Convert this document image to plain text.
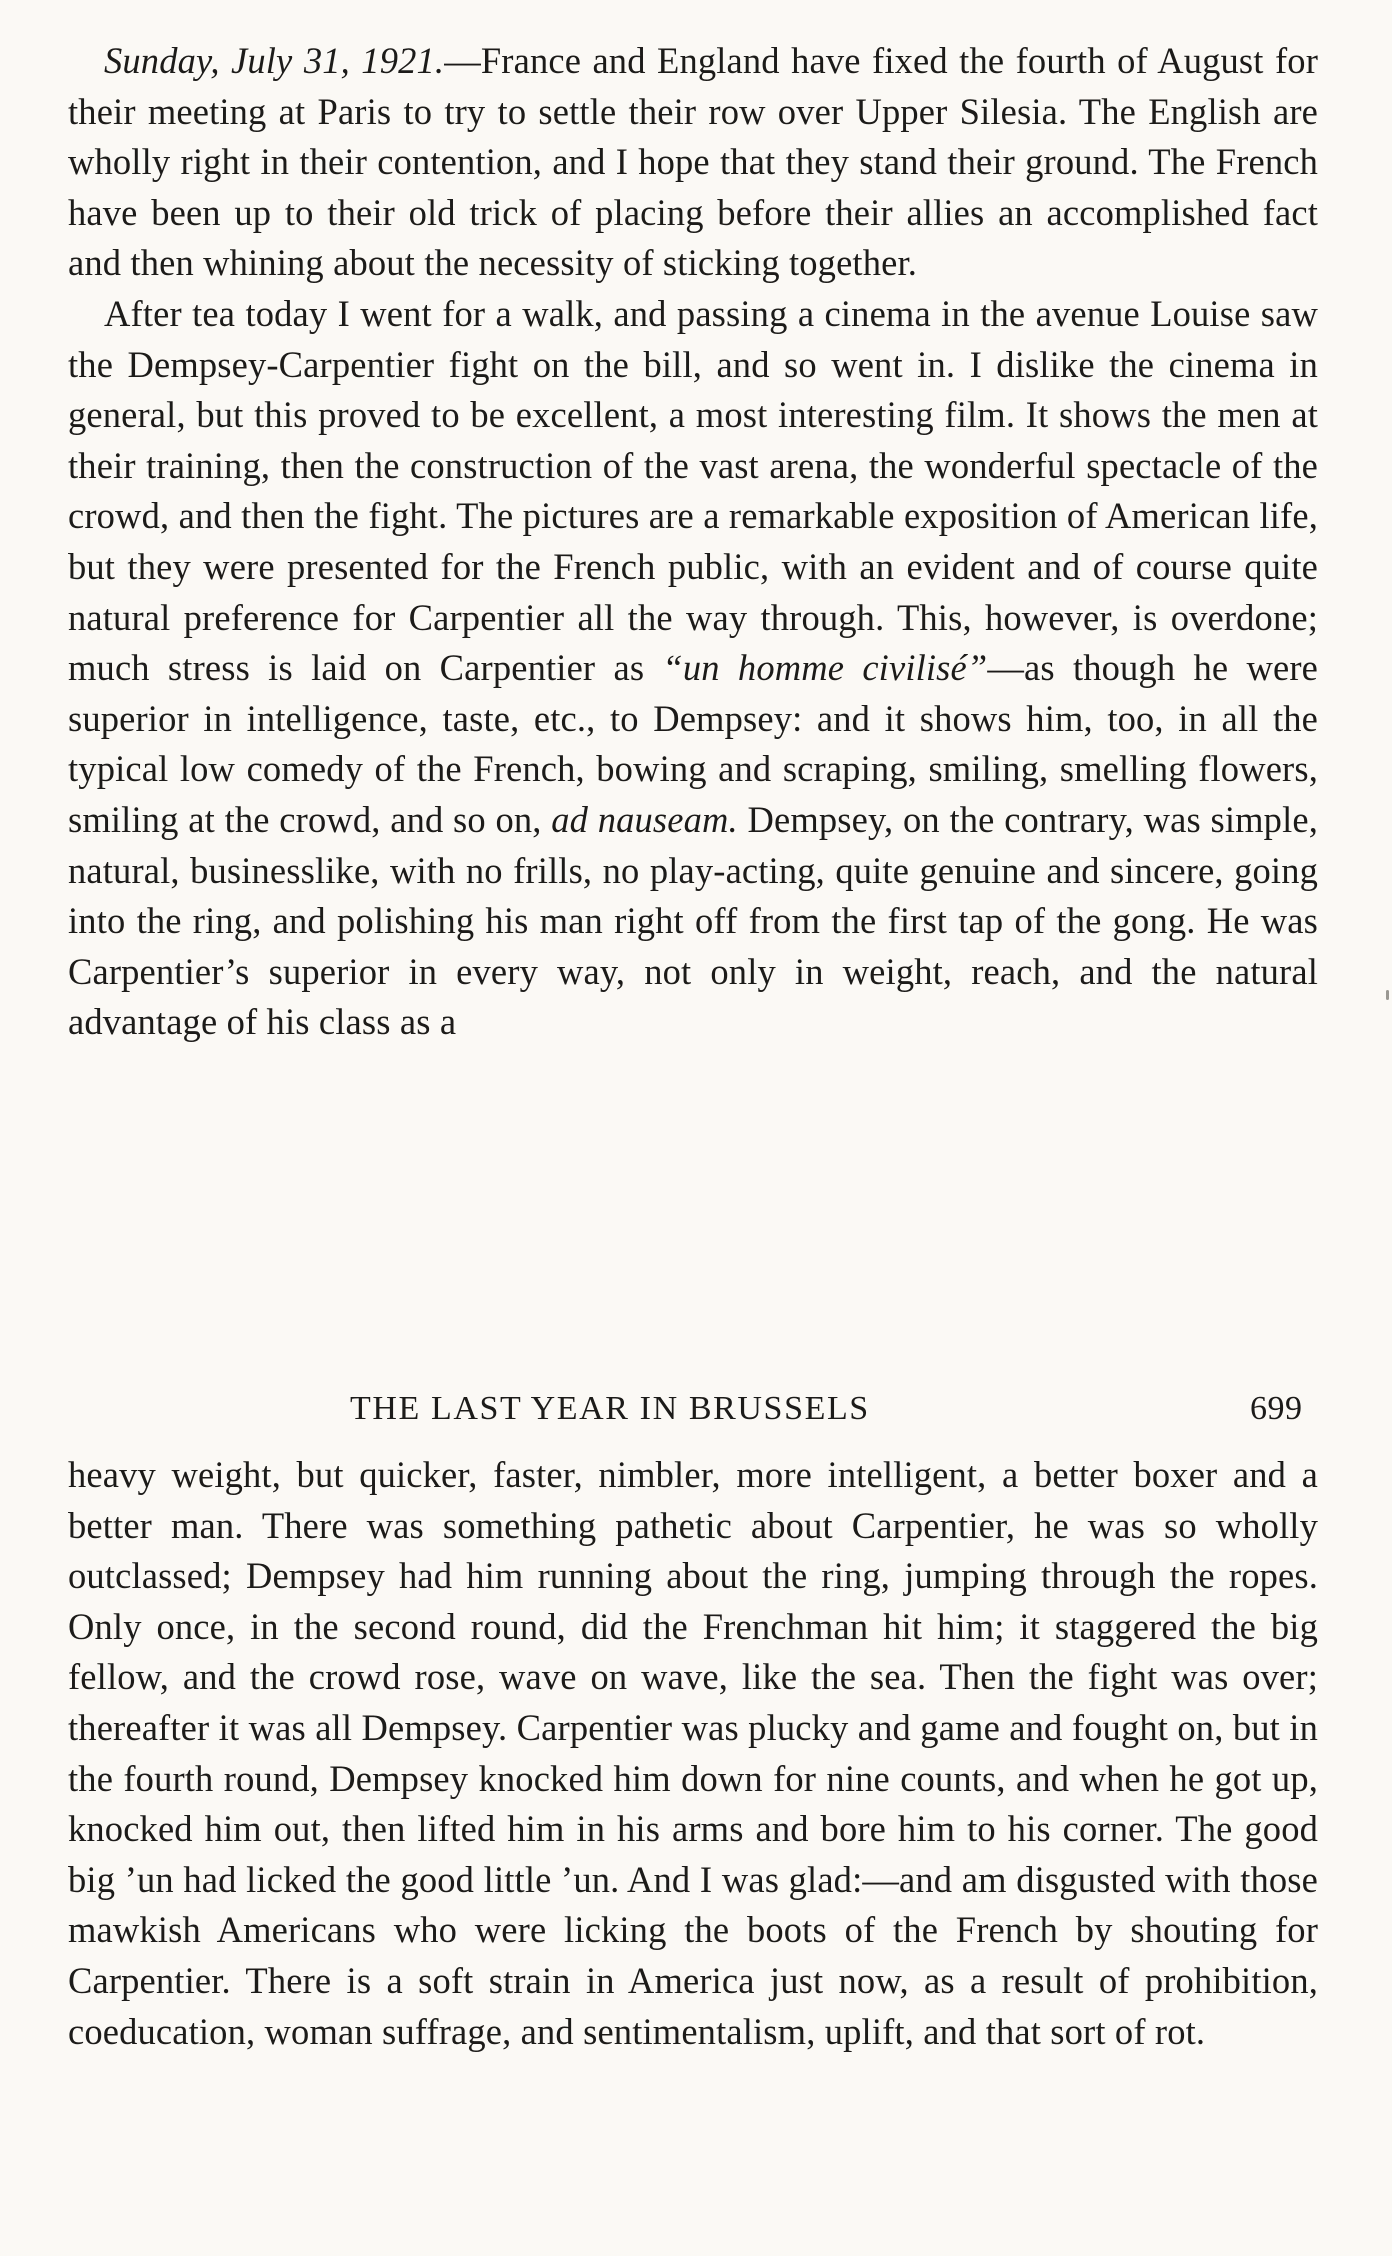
Sunday, July 31, 1921.—France and England have fixed the fourth of August for their meeting at Paris to try to settle their row over Upper Silesia. The English are wholly right in their contention, and I hope that they stand their ground. The French have been up to their old trick of placing before their allies an accomplished fact and then whining about the necessity of sticking together.

After tea today I went for a walk, and passing a cinema in the avenue Louise saw the Dempsey-Carpentier fight on the bill, and so went in. I dislike the cinema in general, but this proved to be excellent, a most interesting film. It shows the men at their training, then the construction of the vast arena, the wonderful spectacle of the crowd, and then the fight. The pictures are a remarkable exposition of American life, but they were presented for the French public, with an evident and of course quite natural preference for Carpentier all the way through. This, however, is overdone; much stress is laid on Carpentier as “un homme civilisé”—as though he were superior in intelligence, taste, etc., to Dempsey: and it shows him, too, in all the typical low comedy of the French, bowing and scraping, smiling, smelling flowers, smiling at the crowd, and so on, ad nauseam. Dempsey, on the contrary, was simple, natural, businesslike, with no frills, no play-acting, quite genuine and sincere, going into the ring, and polishing his man right off from the first tap of the gong. He was Carpentier’s superior in every way, not only in weight, reach, and the natural advantage of his class as a

THE LAST YEAR IN BRUSSELS	699

heavy weight, but quicker, faster, nimbler, more intelligent, a better boxer and a better man. There was something pathetic about Carpentier, he was so wholly outclassed; Dempsey had him running about the ring, jumping through the ropes. Only once, in the second round, did the Frenchman hit him; it staggered the big fellow, and the crowd rose, wave on wave, like the sea. Then the fight was over; thereafter it was all Dempsey. Carpentier was plucky and game and fought on, but in the fourth round, Dempsey knocked him down for nine counts, and when he got up, knocked him out, then lifted him in his arms and bore him to his corner. The good big ’un had licked the good little ’un. And I was glad:—and am disgusted with those mawkish Americans who were licking the boots of the French by shouting for Carpentier. There is a soft strain in America just now, as a result of prohibition, coeducation, woman suffrage, and sentimentalism, uplift, and that sort of rot.
